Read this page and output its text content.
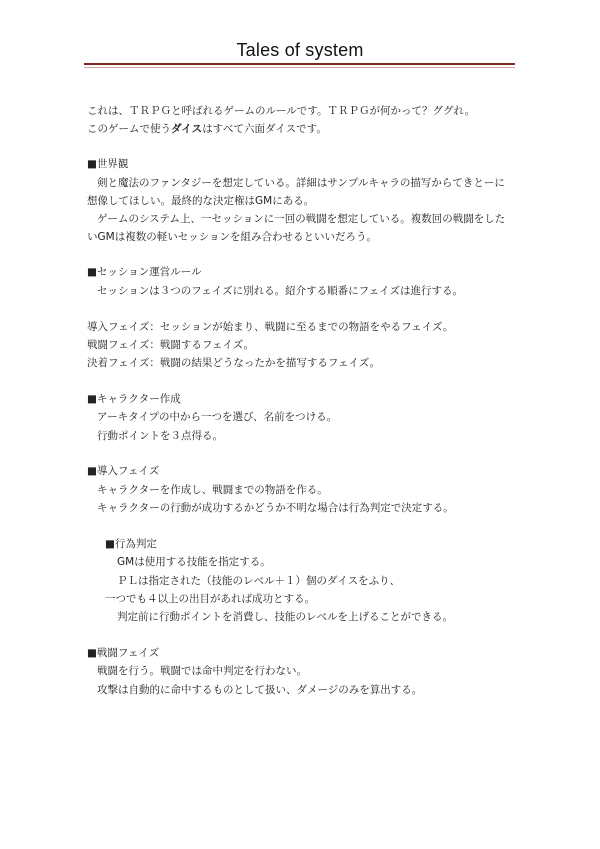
Tales of system
これは、ＴＲＰＧと呼ばれるゲームのルールです。ＴＲＰＧが何かって？ググれ。
このゲームで使うダイスはすべて六面ダイスです。
■世界観
剣と魔法のファンタジーを想定している。詳細はサンプルキャラの描写からてきとーに
想像してほしい。最終的な決定権はGMにある。
ゲームのシステム上、一セッションに一回の戦闘を想定している。複数回の戦闘をした
いGMは複数の軽いセッションを組み合わせるといいだろう。
■セッション運営ルール
セッションは３つのフェイズに別れる。紹介する順番にフェイズは進行する。
導入フェイズ：セッションが始まり、戦闘に至るまでの物語をやるフェイズ。
戦闘フェイズ：戦闘するフェイズ。
決着フェイズ：戦闘の結果どうなったかを描写するフェイズ。
■キャラクター作成
アーキタイプの中から一つを選び、名前をつける。
行動ポイントを３点得る。
■導入フェイズ
キャラクターを作成し、戦闘までの物語を作る。
キャラクターの行動が成功するかどうか不明な場合は行為判定で決定する。
■行為判定
GMは使用する技能を指定する。
ＰＬは指定された（技能のレベル＋１）個のダイスをふり、
一つでも４以上の出目があれば成功とする。
判定前に行動ポイントを消費し、技能のレベルを上げることができる。
■戦闘フェイズ
戦闘を行う。戦闘では命中判定を行わない。
攻撃は自動的に命中するものとして扱い、ダメージのみを算出する。
